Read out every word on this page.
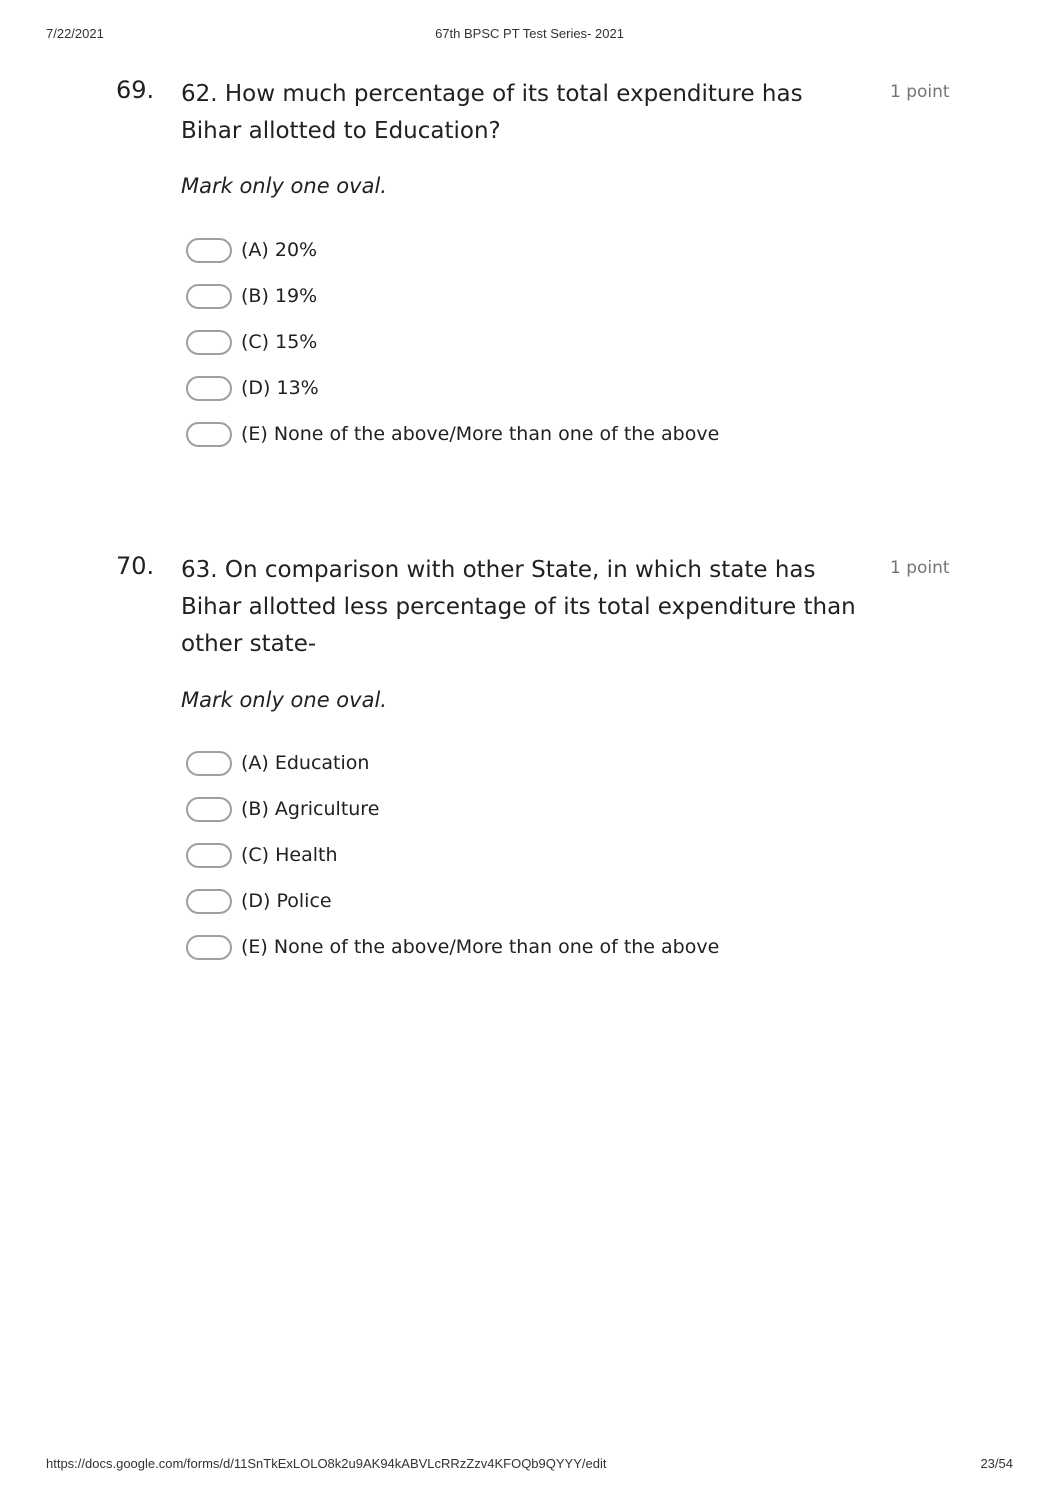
7/22/2021	67th BPSC PT Test Series- 2021
69. 62. How much percentage of its total expenditure has Bihar allotted to Education?
1 point
Mark only one oval.
(A) 20%
(B) 19%
(C) 15%
(D) 13%
(E) None of the above/More than one of the above
70. 63. On comparison with other State, in which state has Bihar allotted less percentage of its total expenditure than other state-
1 point
Mark only one oval.
(A) Education
(B) Agriculture
(C) Health
(D) Police
(E) None of the above/More than one of the above
https://docs.google.com/forms/d/11SnTkExLOLO8k2u9AK94kABVLcRRzZzv4KFOQb9QYYY/edit	23/54
